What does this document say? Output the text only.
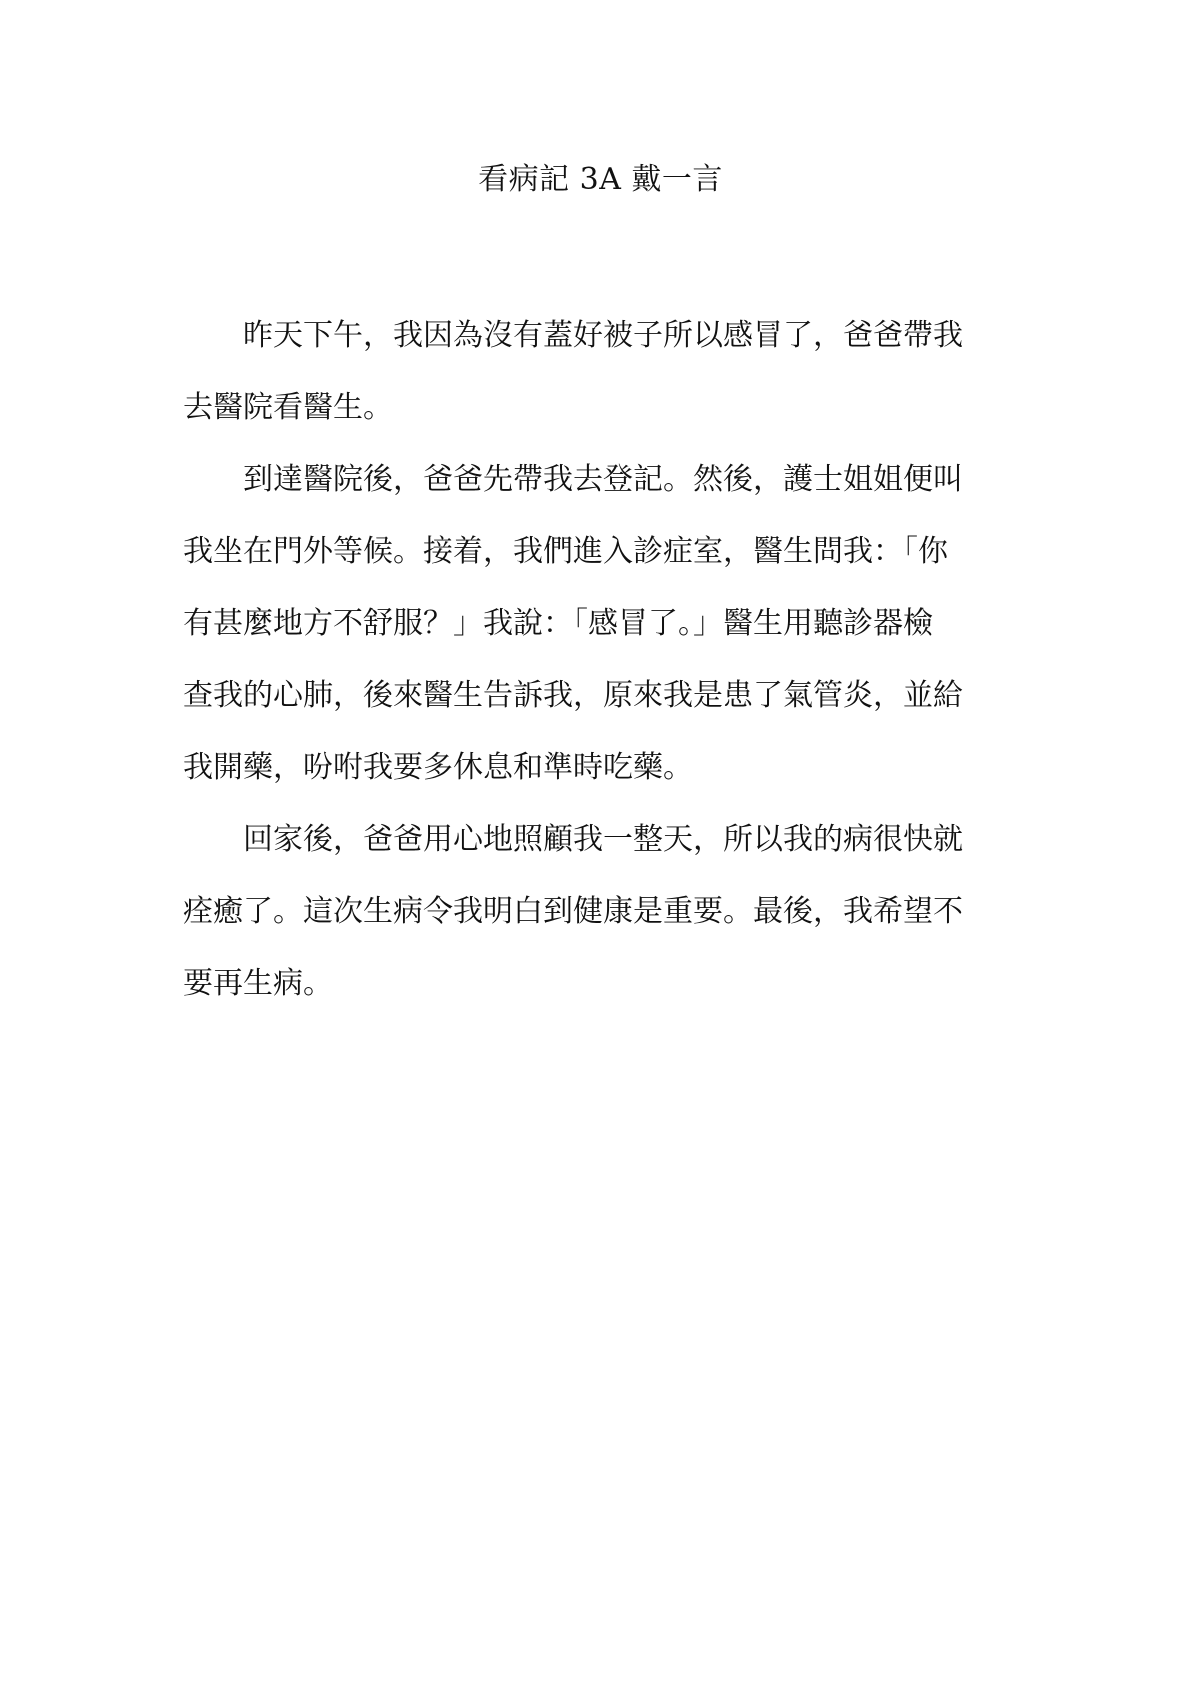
看病記 3A 戴一言
昨天下午，我因為沒有蓋好被子所以感冒了，爸爸帶我
去醫院看醫生。
到達醫院後，爸爸先帶我去登記。然後，護士姐姐便叫
我坐在門外等候。接着，我們進入診症室，醫生問我：「你
有甚麼地方不舒服？」我說：「感冒了。」醫生用聽診器檢
查我的心肺，後來醫生告訴我，原來我是患了氣管炎，並給
我開藥，吩咐我要多休息和準時吃藥。
回家後，爸爸用心地照顧我一整天，所以我的病很快就
痊癒了。這次生病令我明白到健康是重要。最後，我希望不
要再生病。
